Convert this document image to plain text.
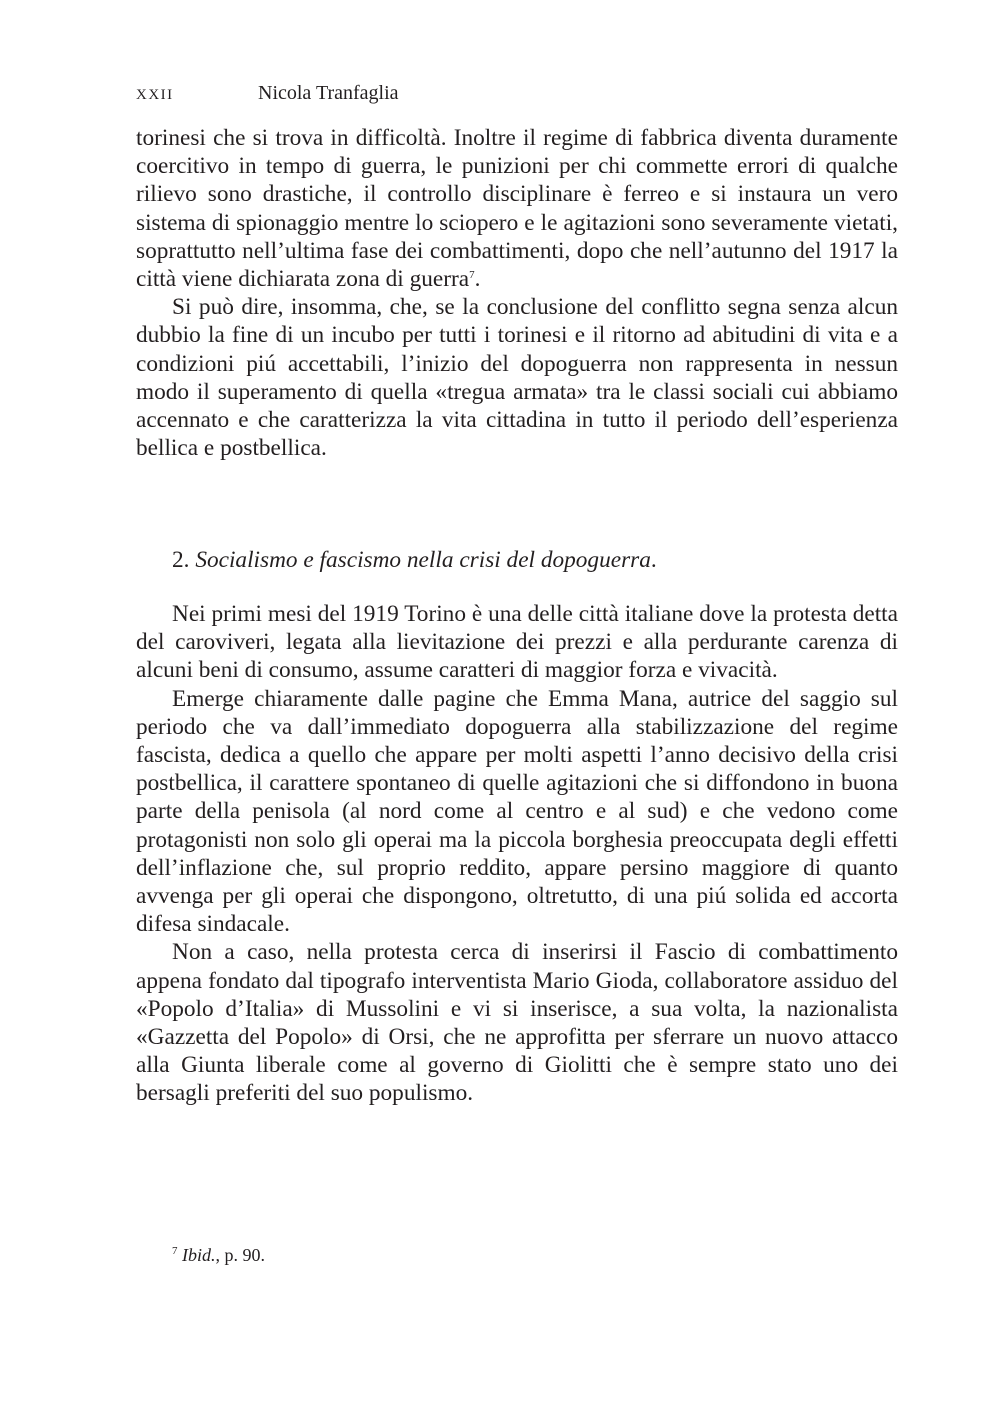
XXII	Nicola Tranfaglia

torinesi che si trova in difficoltà. Inoltre il regime di fabbrica diventa duramente coercitivo in tempo di guerra, le punizioni per chi commette errori di qualche rilievo sono drastiche, il controllo disciplinare è ferreo e si instaura un vero sistema di spionaggio mentre lo sciopero e le agitazioni sono severamente vietati, soprattutto nell’ultima fase dei combattimenti, dopo che nell’autunno del 1917 la città viene dichiarata zona di guerra$^7$.

Si può dire, insomma, che, se la conclusione del conflitto segna senza alcun dubbio la fine di un incubo per tutti i torinesi e il ritorno ad abitudini di vita e a condizioni piú accettabili, l’inizio del dopoguerra non rappresenta in nessun modo il superamento di quella «tregua armata» tra le classi sociali cui abbiamo accennato e che caratterizza la vita cittadina in tutto il periodo dell’esperienza bellica e postbellica.

2. Socialismo e fascismo nella crisi del dopoguerra.

Nei primi mesi del 1919 Torino è una delle città italiane dove la protesta detta del caroviveri, legata alla lievitazione dei prezzi e alla perdurante carenza di alcuni beni di consumo, assume caratteri di maggior forza e vivacità.

Emerge chiaramente dalle pagine che Emma Mana, autrice del saggio sul periodo che va dall’immediato dopoguerra alla stabilizzazione del regime fascista, dedica a quello che appare per molti aspetti l’anno decisivo della crisi postbellica, il carattere spontaneo di quelle agitazioni che si diffondono in buona parte della penisola (al nord come al centro e al sud) e che vedono come protagonisti non solo gli operai ma la piccola borghesia preoccupata degli effetti dell’inflazione che, sul proprio reddito, appare persino maggiore di quanto avvenga per gli operai che dispongono, oltretutto, di una piú solida ed accorta difesa sindacale.

Non a caso, nella protesta cerca di inserirsi il Fascio di combattimento appena fondato dal tipografo interventista Mario Gioda, collaboratore assiduo del «Popolo d’Italia» di Mussolini e vi si inserisce, a sua volta, la nazionalista «Gazzetta del Popolo» di Orsi, che ne approfitta per sferrare un nuovo attacco alla Giunta liberale come al governo di Giolitti che è sempre stato uno dei bersagli preferiti del suo populismo.

$^7$ Ibid., p. 90.
